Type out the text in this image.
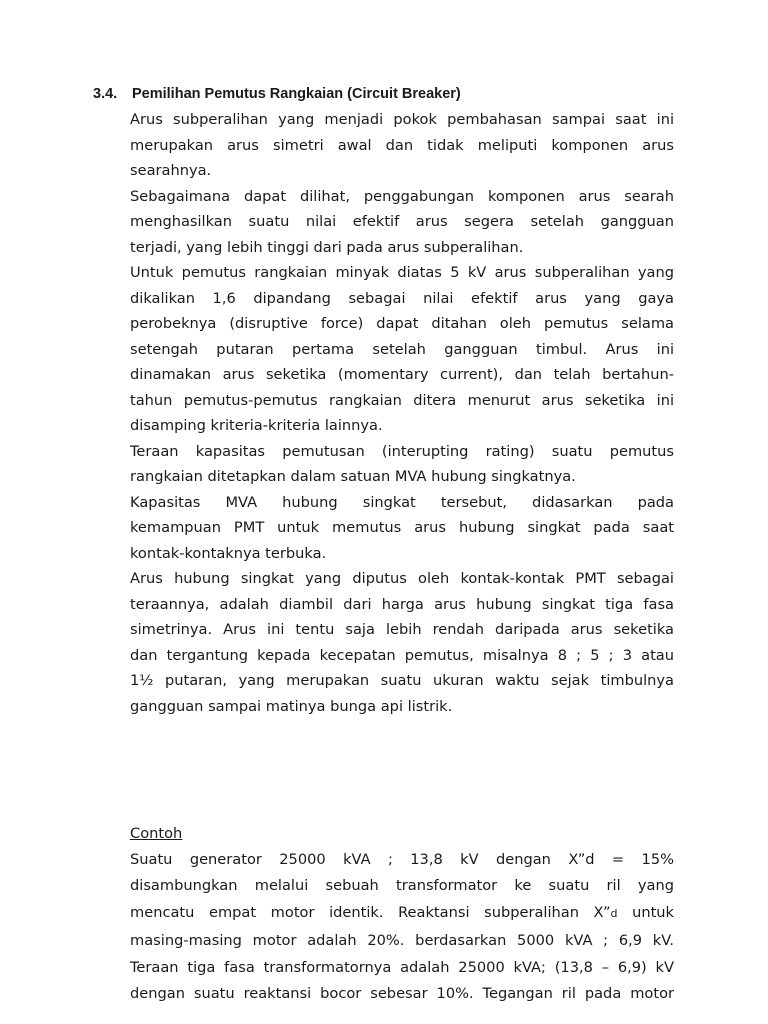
3.4. Pemilihan Pemutus Rangkaian (Circuit Breaker)

Arus subperalihan yang menjadi pokok pembahasan sampai saat ini

merupakan arus simetri awal dan tidak meliputi komponen arus

searahnya.

Sebagaimana dapat dilihat, penggabungan komponen arus searah

menghasilkan suatu nilai efektif arus segera setelah gangguan

terjadi, yang lebih tinggi dari pada arus subperalihan.

Untuk pemutus rangkaian minyak diatas 5 kV arus subperalihan yang

dikalikan 1,6 dipandang sebagai nilai efektif arus yang gaya

perobeknya (disruptive force) dapat ditahan oleh pemutus selama

setengah putaran pertama setelah gangguan timbul. Arus ini

dinamakan arus seketika (momentary current), dan telah bertahun-

tahun pemutus-pemutus rangkaian ditera menurut arus seketika ini

disamping kriteria-kriteria lainnya.

Teraan kapasitas pemutusan (interupting rating) suatu pemutus

rangkaian ditetapkan dalam satuan MVA hubung singkatnya.

Kapasitas MVA hubung singkat tersebut, didasarkan pada

kemampuan PMT untuk memutus arus hubung singkat pada saat

kontak-kontaknya terbuka.

Arus hubung singkat yang diputus oleh kontak-kontak PMT sebagai

teraannya, adalah diambil dari harga arus hubung singkat tiga fasa

simetrinya. Arus ini tentu saja lebih rendah daripada arus seketika

dan tergantung kepada kecepatan pemutus, misalnya 8 ; 5 ; 3 atau

1½ putaran, yang merupakan suatu ukuran waktu sejak timbulnya

gangguan sampai matinya bunga api listrik.

Contoh

Suatu generator 25000 kVA ; 13,8 kV dengan X”d = 15%
disambungkan melalui sebuah transformator ke suatu ril yang
mencatu empat motor identik. Reaktansi subperalihan X”d untuk
masing-masing motor adalah 20%. berdasarkan 5000 kVA ; 6,9 kV.
Teraan tiga fasa transformatornya adalah 25000 kVA; (13,8 – 6,9) kV
dengan suatu reaktansi bocor sebesar 10%. Tegangan ril pada motor
